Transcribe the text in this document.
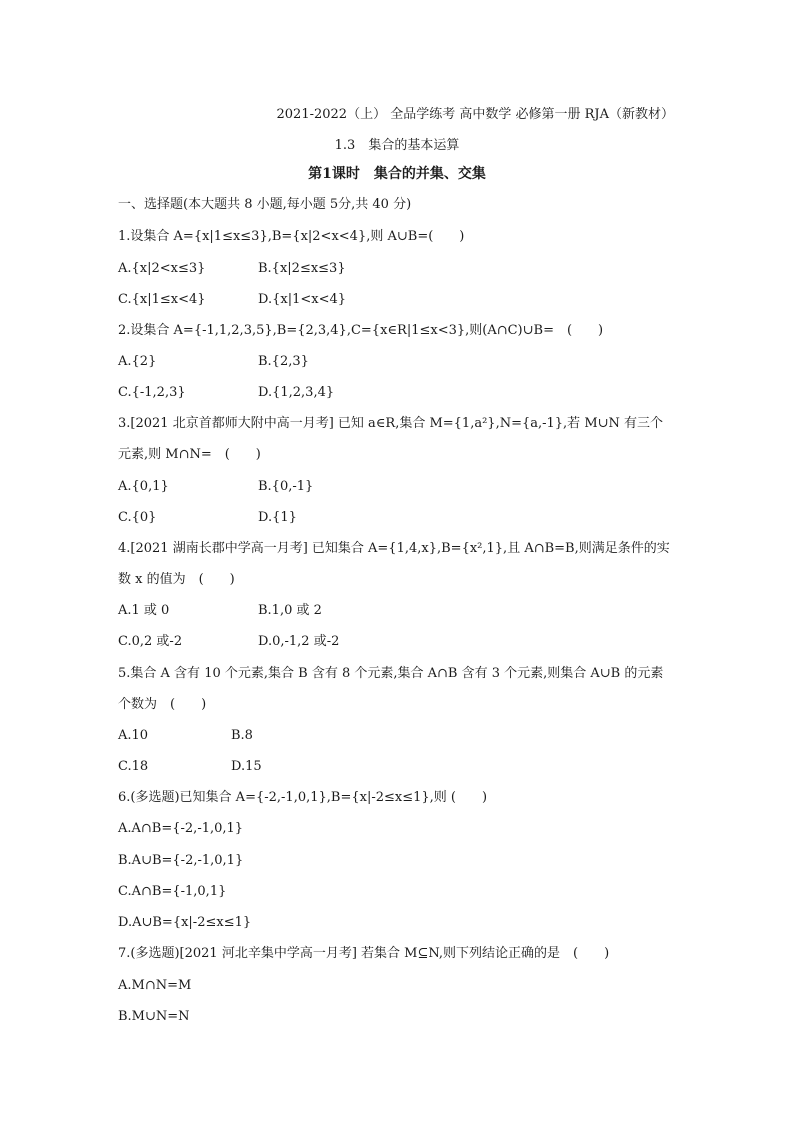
2021-2022（上） 全品学练考 高中数学 必修第一册 RJA（新教材）
1.3　集合的基本运算
第1课时　集合的并集、交集
一、选择题(本大题共 8 小题,每小题 5分,共 40 分)
1.设集合 A={x|1≤x≤3},B={x|2<x<4},则 A∪B=(　　)
A.{x|2<x≤3}	B.{x|2≤x≤3}
C.{x|1≤x<4}	D.{x|1<x<4}
2.设集合 A={-1,1,2,3,5},B={2,3,4},C={x∈R|1≤x<3},则(A∩C)∪B=　(　　)
A.{2}	B.{2,3}
C.{-1,2,3}	D.{1,2,3,4}
3.[2021 北京首都师大附中高一月考] 已知 a∈R,集合 M={1,a²},N={a,-1},若 M∪N 有三个
元素,则 M∩N=　(　　)
A.{0,1}	B.{0,-1}
C.{0}	D.{1}
4.[2021 湖南长郡中学高一月考] 已知集合 A={1,4,x},B={x²,1},且 A∩B=B,则满足条件的实
数 x 的值为　(　　)
A.1 或 0	B.1,0 或 2
C.0,2 或-2	D.0,-1,2 或-2
5.集合 A 含有 10 个元素,集合 B 含有 8 个元素,集合 A∩B 含有 3 个元素,则集合 A∪B 的元素
个数为　(　　)
A.10	B.8
C.18	D.15
6.(多选题)已知集合 A={-2,-1,0,1},B={x|-2≤x≤1},则 (　　)
A.A∩B={-2,-1,0,1}
B.A∪B={-2,-1,0,1}
C.A∩B={-1,0,1}
D.A∪B={x|-2≤x≤1}
7.(多选题)[2021 河北辛集中学高一月考] 若集合 M⊆N,则下列结论正确的是　(　　)
A.M∩N=M
B.M∪N=N
